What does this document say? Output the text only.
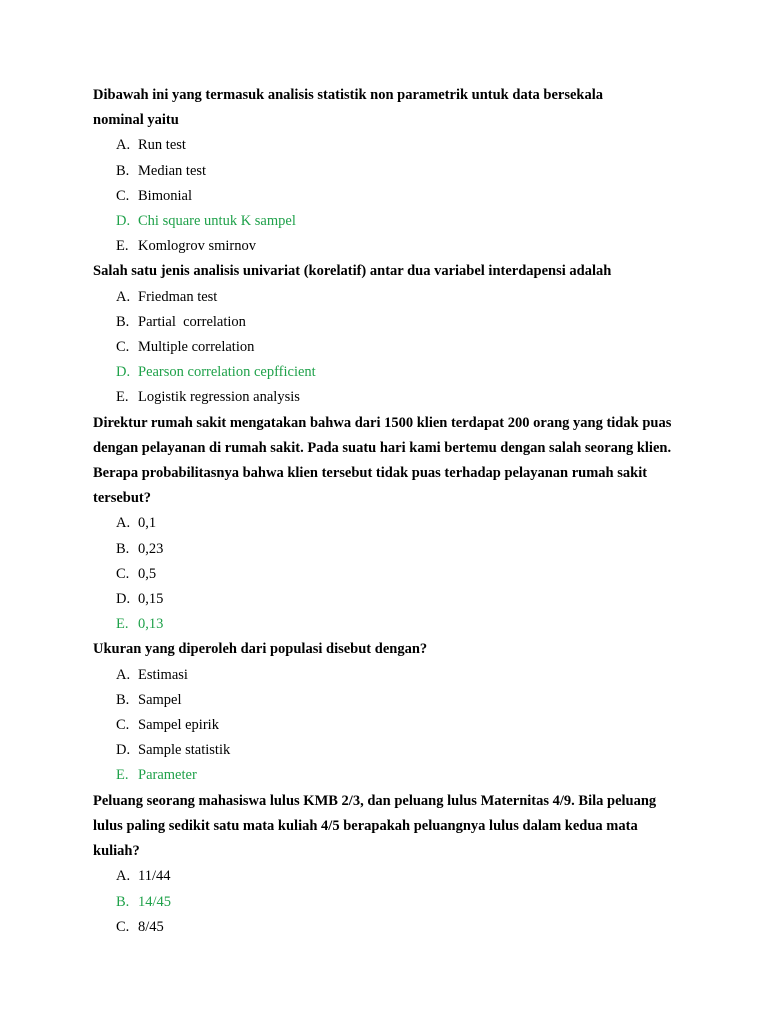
Dibawah ini yang termasuk analisis statistik non parametrik untuk data bersekala nominal yaitu

A. Run test
B. Median test
C. Bimonial
D. Chi square untuk K sampel
E. Komlogrov smirnov

Salah satu jenis analisis univariat (korelatif) antar dua variabel interdapensi adalah

A. Friedman test
B. Partial  correlation
C. Multiple correlation
D. Pearson correlation cepfficient
E. Logistik regression analysis

Direktur rumah sakit mengatakan bahwa dari 1500 klien terdapat 200 orang yang tidak puas dengan pelayanan di rumah sakit. Pada suatu hari kami bertemu dengan salah seorang klien. Berapa probabilitasnya bahwa klien tersebut tidak puas terhadap pelayanan rumah sakit tersebut?

A. 0,1
B. 0,23
C. 0,5
D. 0,15
E. 0,13

Ukuran yang diperoleh dari populasi disebut dengan?

A. Estimasi
B. Sampel
C. Sampel epirik
D. Sample statistik
E. Parameter

Peluang seorang mahasiswa lulus KMB 2/3, dan peluang lulus Maternitas 4/9. Bila peluang lulus paling sedikit satu mata kuliah 4/5 berapakah peluangnya lulus dalam kedua mata kuliah?

A. 11/44
B. 14/45
C. 8/45
